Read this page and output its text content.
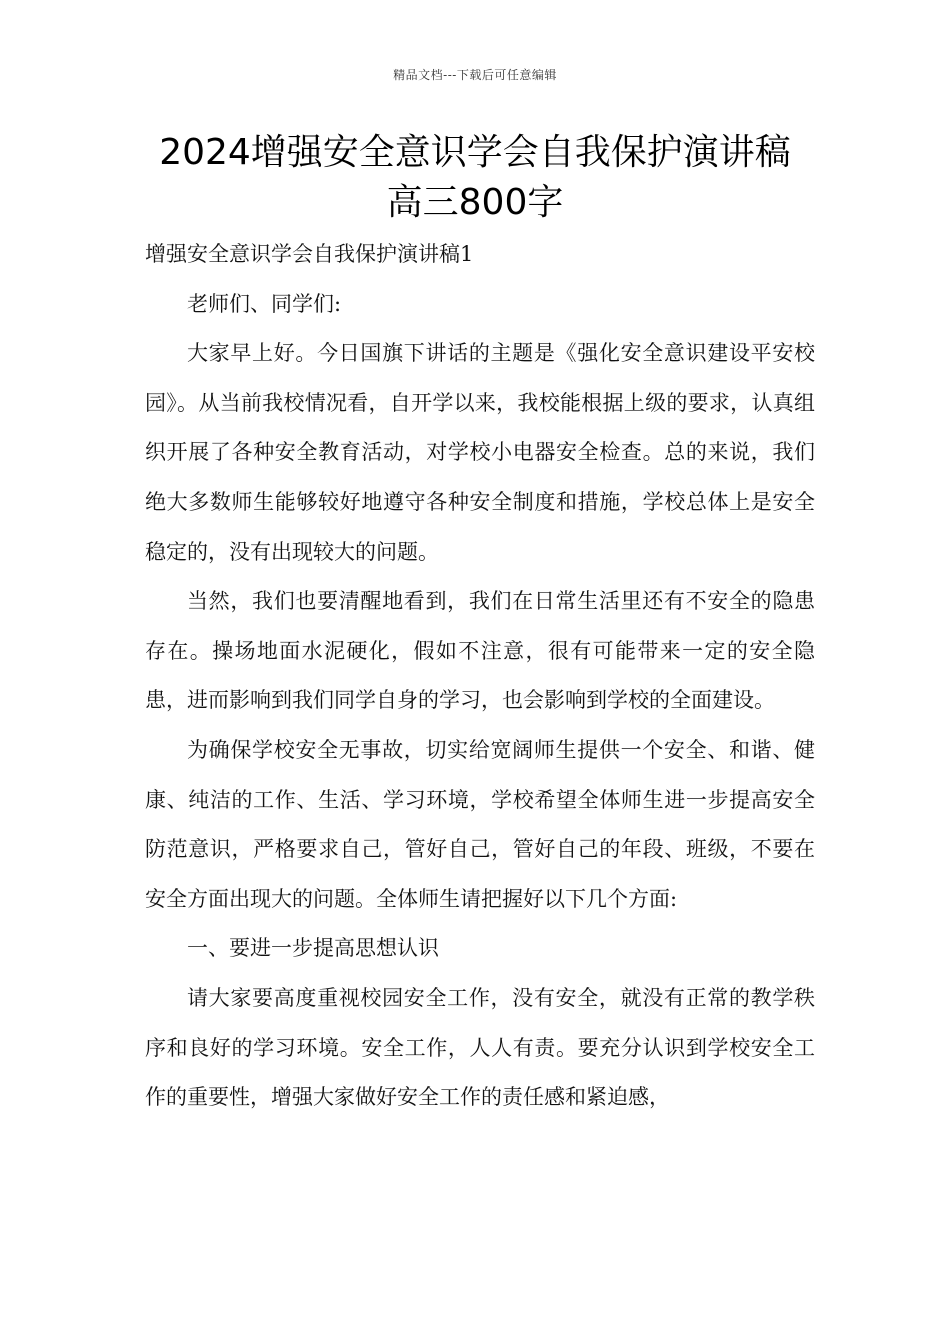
精品文档---下载后可任意编辑
2024增强安全意识学会自我保护演讲稿
高三800字

增强安全意识学会自我保护演讲稿1

老师们、同学们:

大家早上好。今日国旗下讲话的主题是《强化安全意识建设平安校园》。从当前我校情况看，自开学以来，我校能根据上级的要求，认真组织开展了各种安全教育活动，对学校小电器安全检查。总的来说，我们绝大多数师生能够较好地遵守各种安全制度和措施，学校总体上是安全稳定的，没有出现较大的问题。

当然，我们也要清醒地看到，我们在日常生活里还有不安全的隐患存在。操场地面水泥硬化，假如不注意，很有可能带来一定的安全隐患，进而影响到我们同学自身的学习，也会影响到学校的全面建设。

为确保学校安全无事故，切实给宽阔师生提供一个安全、和谐、健康、纯洁的工作、生活、学习环境，学校希望全体师生进一步提高安全防范意识，严格要求自己，管好自己，管好自己的年段、班级，不要在安全方面出现大的问题。全体师生请把握好以下几个方面:

一、要进一步提高思想认识

请大家要高度重视校园安全工作，没有安全，就没有正常的教学秩序和良好的学习环境。安全工作，人人有责。要充分认识到学校安全工作的重要性，增强大家做好安全工作的责任感和紧迫感，
